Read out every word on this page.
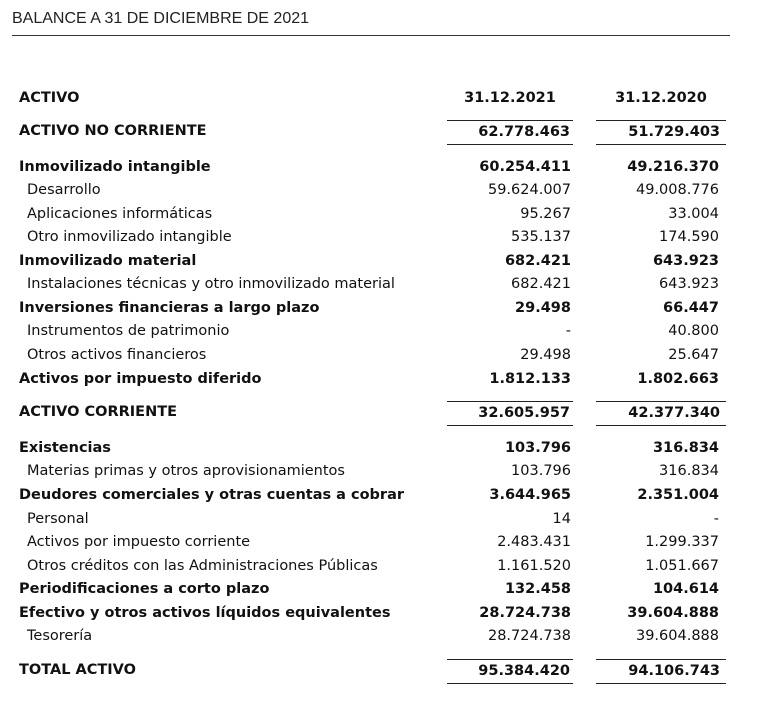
BALANCE A 31 DE DICIEMBRE DE 2021
ACTIVO	31.12.2021	31.12.2020
ACTIVO NO CORRIENTE	62.778.463	51.729.403
Inmovilizado intangible	60.254.411	49.216.370
Desarrollo	59.624.007	49.008.776
Aplicaciones informáticas	95.267	33.004
Otro inmovilizado intangible	535.137	174.590
Inmovilizado material	682.421	643.923
Instalaciones técnicas y otro inmovilizado material	682.421	643.923
Inversiones financieras a largo plazo	29.498	66.447
Instrumentos de patrimonio	-	40.800
Otros activos financieros	29.498	25.647
Activos por impuesto diferido	1.812.133	1.802.663
ACTIVO CORRIENTE	32.605.957	42.377.340
Existencias	103.796	316.834
Materias primas y otros aprovisionamientos	103.796	316.834
Deudores comerciales y otras cuentas a cobrar	3.644.965	2.351.004
Personal	14	-
Activos por impuesto corriente	2.483.431	1.299.337
Otros créditos con las Administraciones Públicas	1.161.520	1.051.667
Periodificaciones a corto plazo	132.458	104.614
Efectivo y otros activos líquidos equivalentes	28.724.738	39.604.888
Tesorería	28.724.738	39.604.888
TOTAL ACTIVO	95.384.420	94.106.743
